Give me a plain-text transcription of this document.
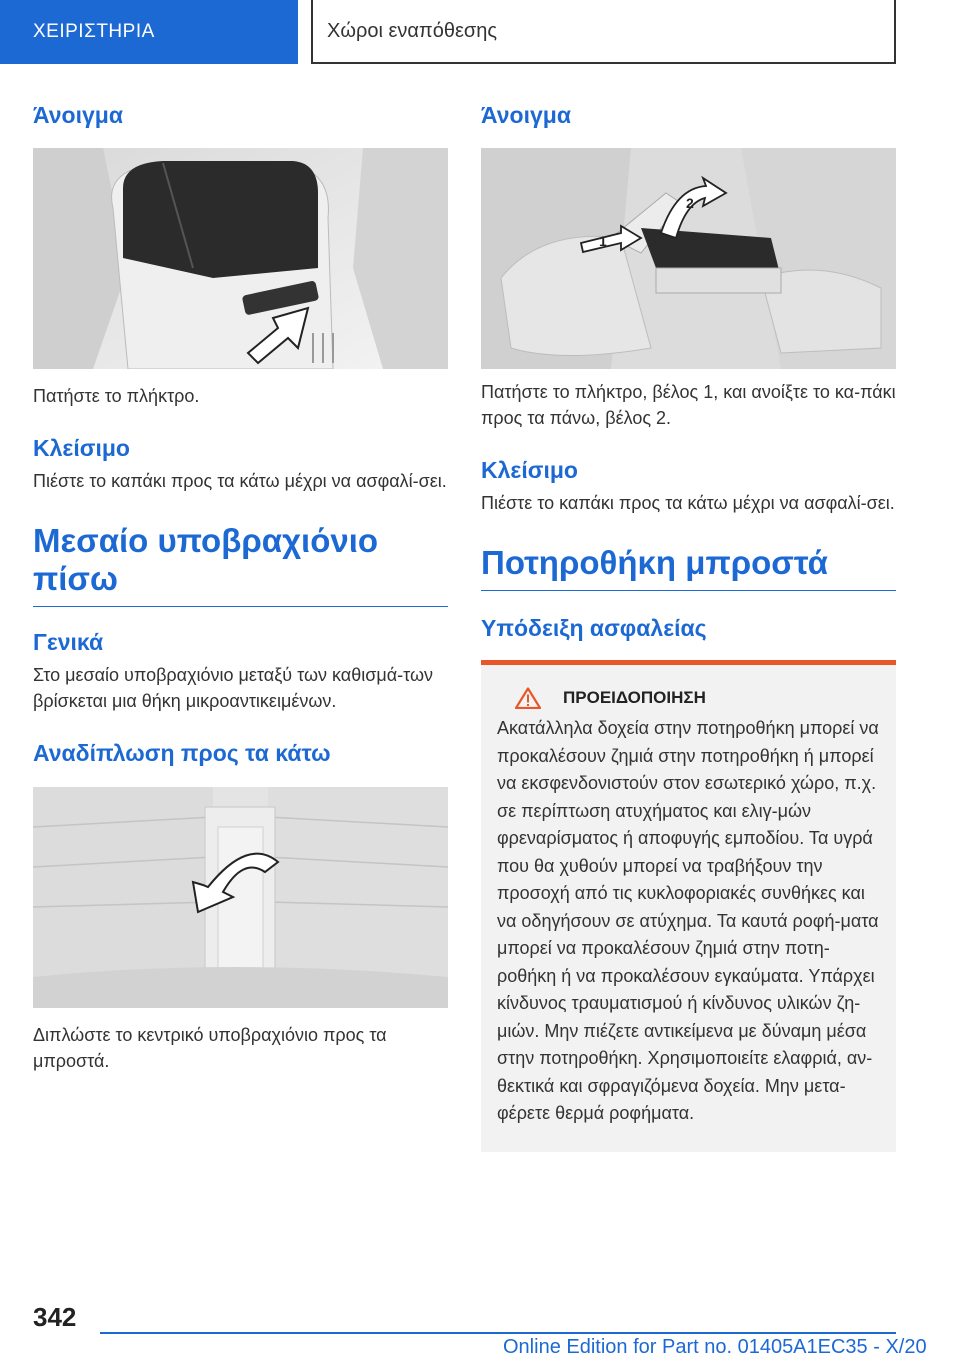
ΧΕΙΡΙΣΤΗΡΙΑ	Χώροι εναπόθεσης
Άνοιγμα

Πατήστε το πλήκτρο.

Κλείσιμο

Πιέστε το καπάκι προς τα κάτω μέχρι να ασφαλί-σει.

Μεσαίο υποβραχιόνιο πίσω
Γενικά

Στο μεσαίο υποβραχιόνιο μεταξύ των καθισμά-των βρίσκεται μια θήκη μικροαντικειμένων.

Αναδίπλωση προς τα κάτω

Διπλώστε το κεντρικό υποβραχιόνιο προς τα μπροστά.

Άνοιγμα
1
2

Πατήστε το πλήκτρο, βέλος 1, και ανοίξτε το κα-πάκι προς τα πάνω, βέλος 2.

Κλείσιμο

Πιέστε το καπάκι προς τα κάτω μέχρι να ασφαλί-σει.

Ποτηροθήκη μπροστά
Υπόδειξη ασφαλείας
ΠΡΟΕΙΔΟΠΟΙΗΣΗ
Ακατάλληλα δοχεία στην ποτηροθήκη μπορεί να προκαλέσουν ζημιά στην ποτηροθήκη ή μπορεί να εκσφενδονιστούν στον εσωτερικό χώρο, π.χ. σε περίπτωση ατυχήματος και ελιγ-μών φρεναρίσματος ή αποφυγής εμποδίου. Τα υγρά που θα χυθούν μπορεί να τραβήξουν την προσοχή από τις κυκλοφοριακές συνθήκες και να οδηγήσουν σε ατύχημα. Τα καυτά ροφή-ματα μπορεί να προκαλέσουν ζημιά στην ποτη-ροθήκη ή να προκαλέσουν εγκαύματα. Υπάρχει κίνδυνος τραυματισμού ή κίνδυνος υλικών ζη-μιών. Μην πιέζετε αντικείμενα με δύναμη μέσα στην ποτηροθήκη. Χρησιμοποιείτε ελαφριά, αν-θεκτικά και σφραγιζόμενα δοχεία. Μην μετα-φέρετε θερμά ροφήματα.
342
Online Edition for Part no. 01405A1EC35 - X/20
